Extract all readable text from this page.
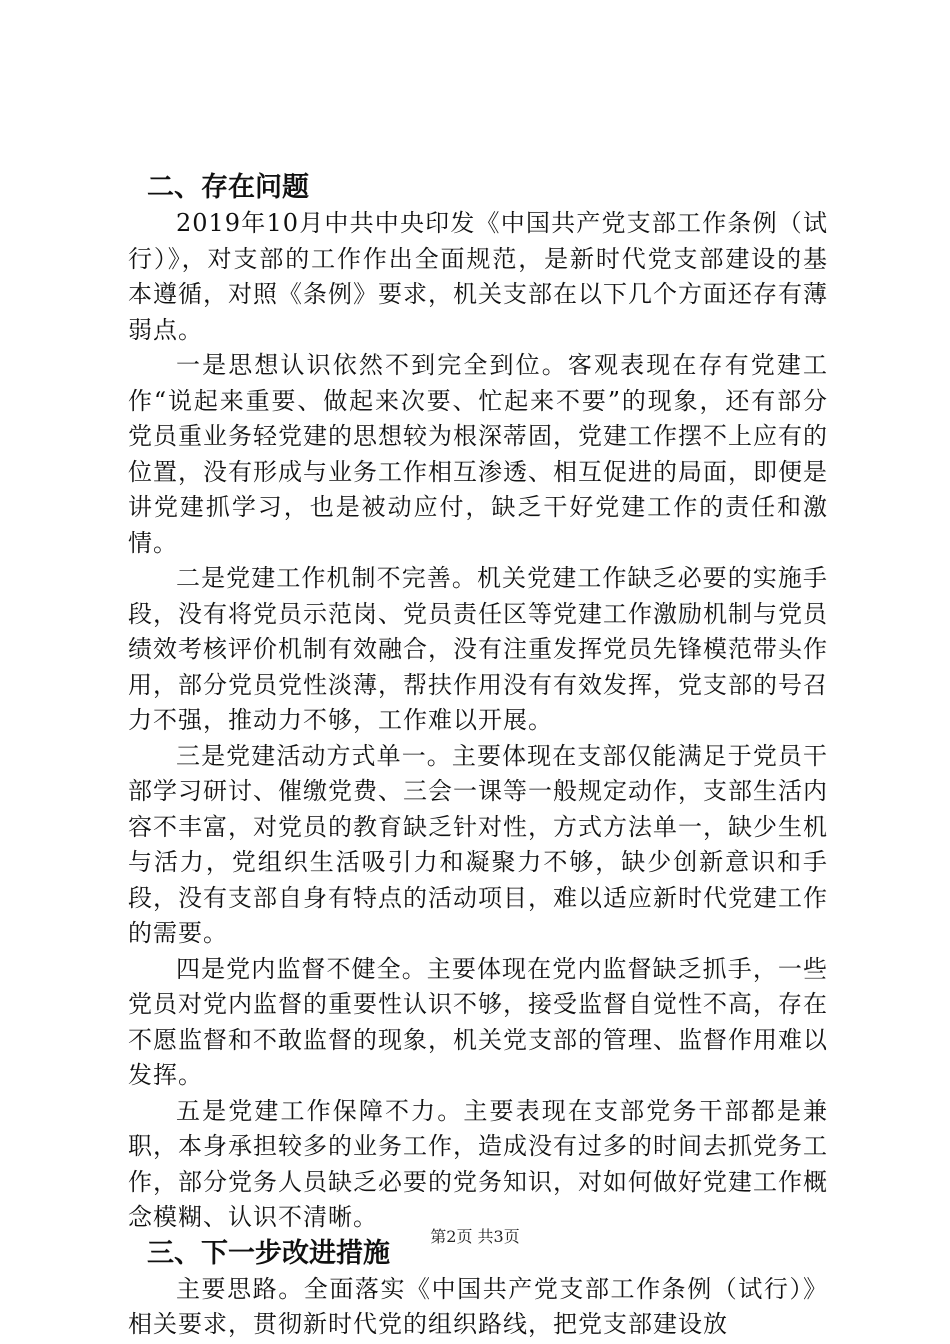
二、存在问题

2019年10月中共中央印发《中国共产党支部工作条例（试行）》，对支部的工作作出全面规范，是新时代党支部建设的基本遵循，对照《条例》要求，机关支部在以下几个方面还存有薄弱点。

一是思想认识依然不到完全到位。客观表现在存有党建工作“说起来重要、做起来次要、忙起来不要”的现象，还有部分党员重业务轻党建的思想较为根深蒂固，党建工作摆不上应有的位置，没有形成与业务工作相互渗透、相互促进的局面，即便是讲党建抓学习，也是被动应付，缺乏干好党建工作的责任和激情。

二是党建工作机制不完善。机关党建工作缺乏必要的实施手段，没有将党员示范岗、党员责任区等党建工作激励机制与党员绩效考核评价机制有效融合，没有注重发挥党员先锋模范带头作用，部分党员党性淡薄，帮扶作用没有有效发挥，党支部的号召力不强，推动力不够，工作难以开展。

三是党建活动方式单一。主要体现在支部仅能满足于党员干部学习研讨、催缴党费、三会一课等一般规定动作，支部生活内容不丰富，对党员的教育缺乏针对性，方式方法单一，缺少生机与活力，党组织生活吸引力和凝聚力不够，缺少创新意识和手段，没有支部自身有特点的活动项目，难以适应新时代党建工作的需要。

四是党内监督不健全。主要体现在党内监督缺乏抓手，一些党员对党内监督的重要性认识不够，接受监督自觉性不高，存在不愿监督和不敢监督的现象，机关党支部的管理、监督作用难以发挥。

五是党建工作保障不力。主要表现在支部党务干部都是兼职，本身承担较多的业务工作，造成没有过多的时间去抓党务工作，部分党务人员缺乏必要的党务知识，对如何做好党建工作概念模糊、认识不清晰。

三、下一步改进措施

主要思路。全面落实《中国共产党支部工作条例（试行）》相关要求，贯彻新时代党的组织路线，把党支部建设放

第2页 共3页
